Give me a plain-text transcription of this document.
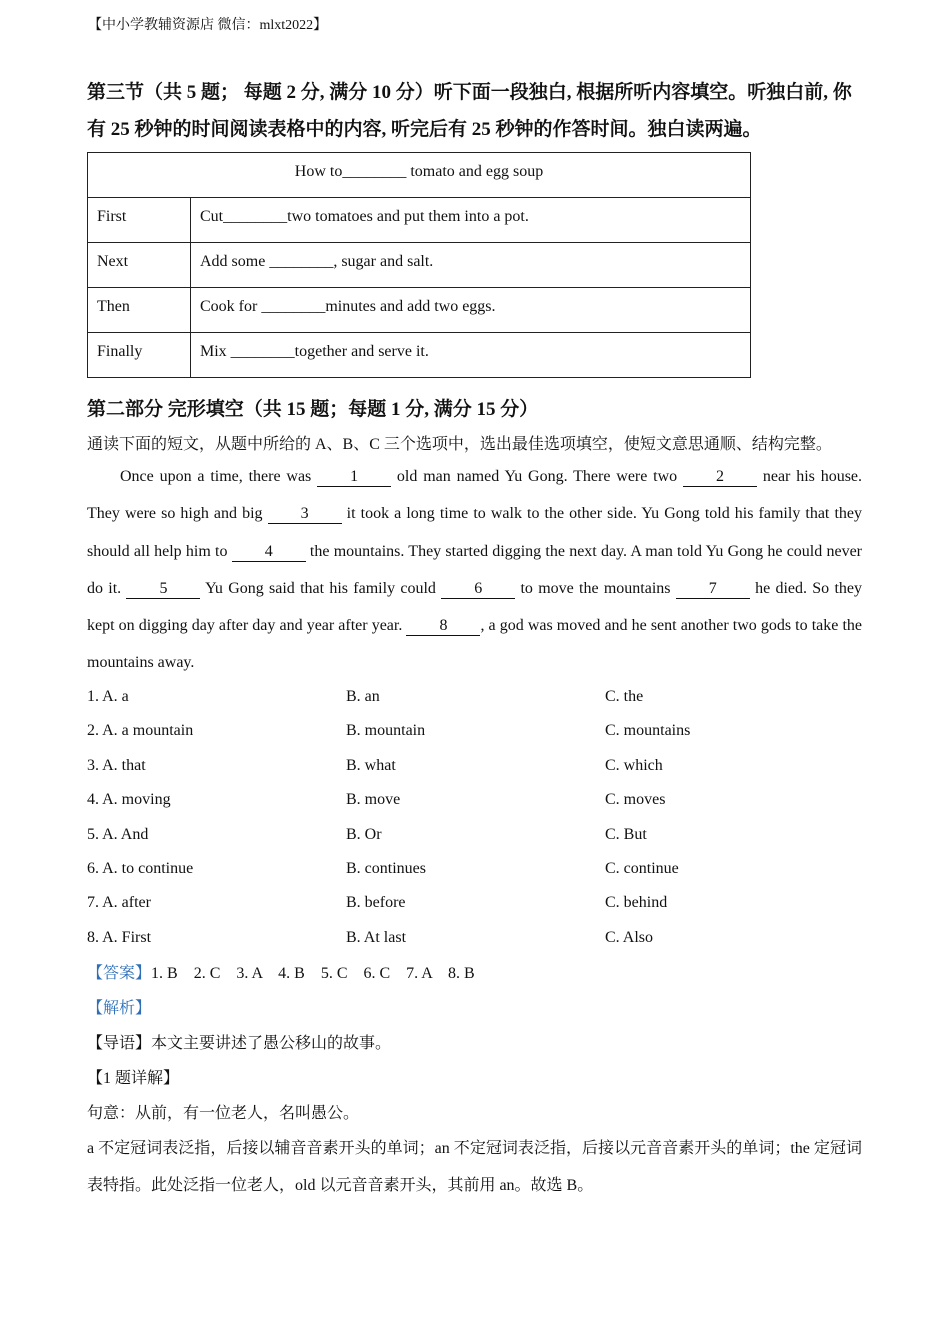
【中小学教辅资源店 微信：mlxt2022】
第三节（共 5 题； 每题 2 分, 满分 10 分）听下面一段独白, 根据所听内容填空。听独白前, 你有 25 秒钟的时间阅读表格中的内容, 听完后有 25 秒钟的作答时间。独白读两遍。
How to________ tomato and egg soup	
First	Cut________two tomatoes and put them into a pot.
Next	Add some ________, sugar and salt.
Then	Cook for ________minutes and add two eggs.
Finally	Mix ________together and serve it.
第二部分 完形填空（共 15 题；每题 1 分, 满分 15 分）
通读下面的短文，从题中所给的 A、B、C 三个选项中，选出最佳选项填空，使短文意思通顺、结构完整。
Once upon a time, there was 1 old man named Yu Gong. There were two 2 near his house. They were so high and big 3 it took a long time to walk to the other side. Yu Gong told his family that they should all help him to 4 the mountains. They started digging the next day. A man told Yu Gong he could never do it. 5 Yu Gong said that his family could 6 to move the mountains 7 he died. So they kept on digging day after day and year after year. 8 , a god was moved and he sent another two gods to take the mountains away.
1. A. a	B. an	C. the
2. A. a mountain	B. mountain	C. mountains
3. A. that	B. what	C. which
4. A. moving	B. move	C. moves
5. A. And	B. Or	C. But
6. A. to continue	B. continues	C. continue
7. A. after	B. before	C. behind
8. A. First	B. At last	C. Also
【答案】1. B    2. C    3. A    4. B    5. C    6. C    7. A    8. B
【解析】
【导语】本文主要讲述了愚公移山的故事。
【1 题详解】
句意：从前，有一位老人，名叫愚公。
a 不定冠词表泛指，后接以辅音音素开头的单词；an 不定冠词表泛指，后接以元音音素开头的单词；the 定冠词表特指。此处泛指一位老人，old 以元音音素开头，其前用 an。故选 B。
